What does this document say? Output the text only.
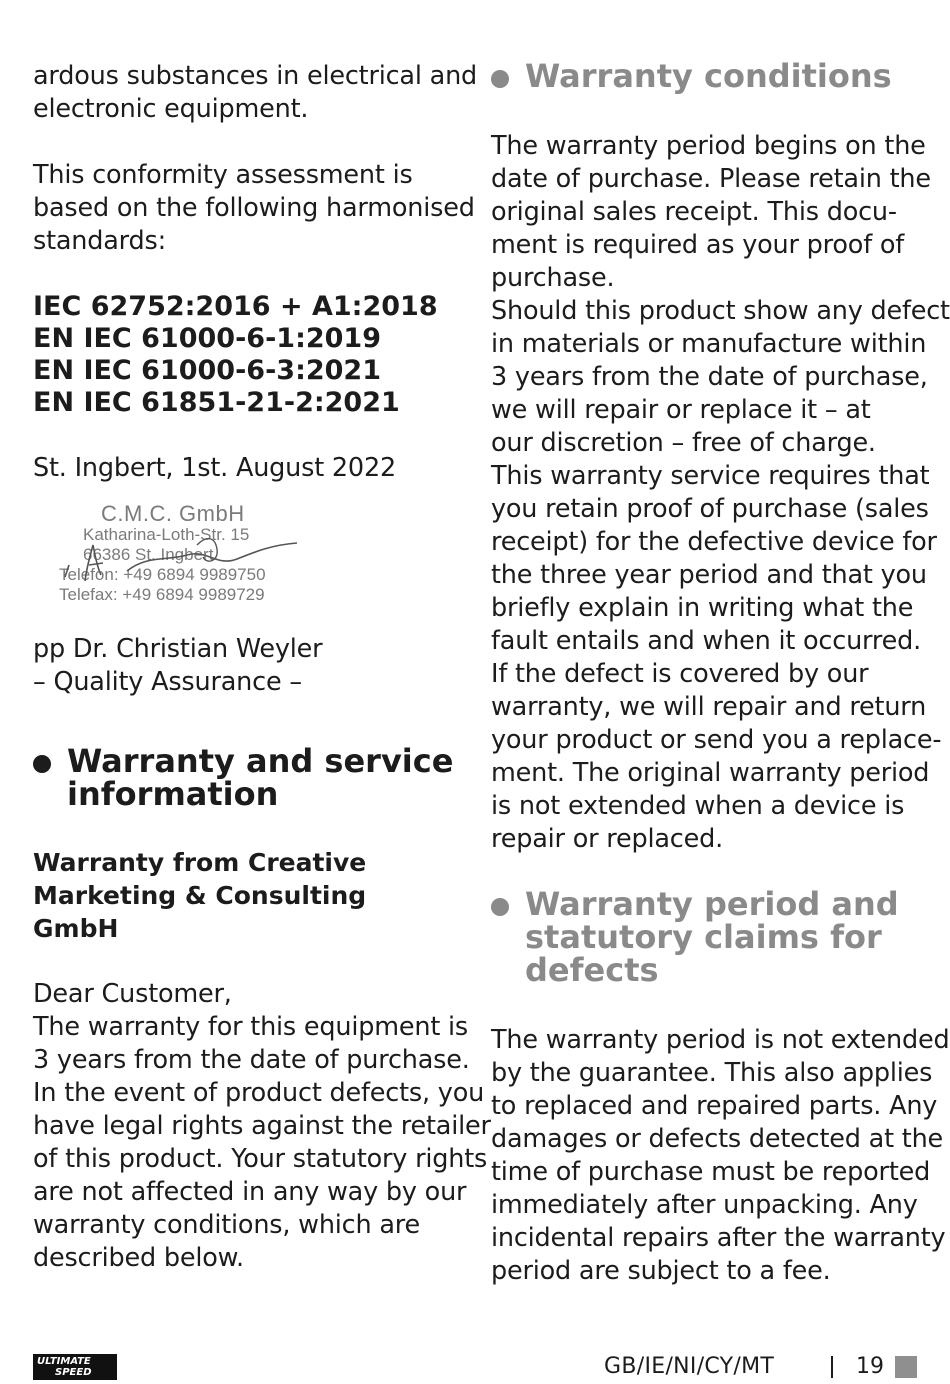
ardous substances in electrical and
electronic equipment.

This conformity assessment is
based on the following harmonised
standards:

IEC 62752:2016 + A1:2018
EN IEC 61000-6-1:2019
EN IEC 61000-6-3:2021
EN IEC 61851-21-2:2021

St. Ingbert, 1st. August 2022

C.M.C. GmbH
Katharina-Loth-Str. 15
66386 St. Ingbert
Telefon: +49 6894 9989750
Telefax: +49 6894 9989729

pp Dr. Christian Weyler
– Quality Assurance –

Warranty and service
information
Warranty from Creative
Marketing & Consulting
GmbH

Dear Customer,
The warranty for this equipment is
3 years from the date of purchase.
In the event of product defects, you
have legal rights against the retailer
of this product. Your statutory rights
are not affected in any way by our
warranty conditions, which are
described below.

Warranty conditions

The warranty period begins on the
date of purchase. Please retain the
original sales receipt. This docu-
ment is required as your proof of
purchase.
Should this product show any defect
in materials or manufacture within
3 years from the date of purchase,
we will repair or replace it – at
our discretion – free of charge.
This warranty service requires that
you retain proof of purchase (sales
receipt) for the defective device for
the three year period and that you
briefly explain in writing what the
fault entails and when it occurred.
If the defect is covered by our
warranty, we will repair and return
your product or send you a replace-
ment. The original warranty period
is not extended when a device is
repair or replaced.

Warranty period and
statutory claims for
defects

The warranty period is not extended
by the guarantee. This also applies
to replaced and repaired parts. Any
damages or defects detected at the
time of purchase must be reported
immediately after unpacking. Any
incidental repairs after the warranty
period are subject to a fee.

ULTIMATE
SPEED	GB/IE/NI/CY/MT	19
